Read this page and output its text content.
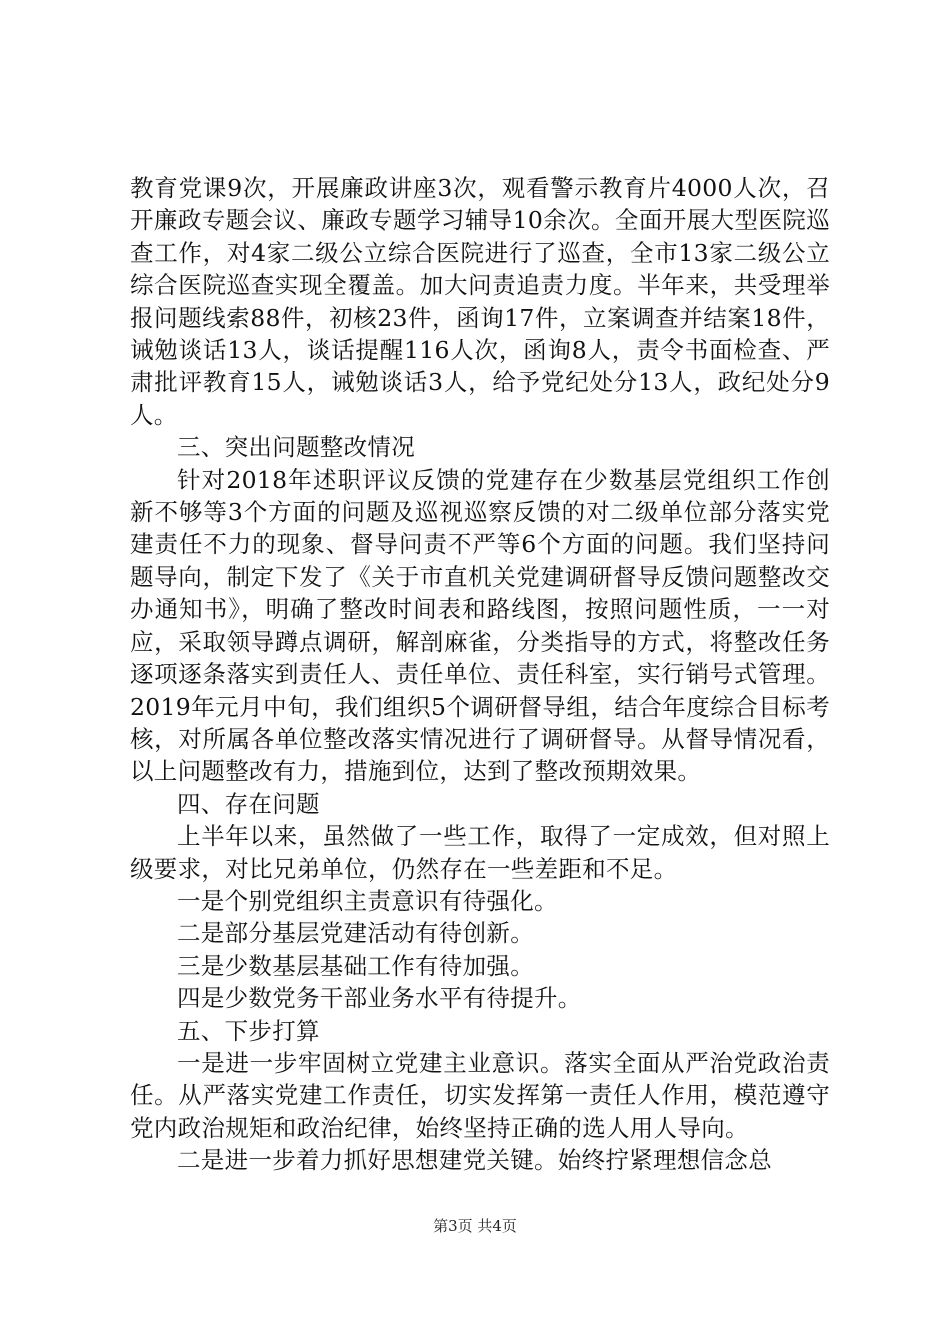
教育党课9次，开展廉政讲座3次，观看警示教育片4000人次，召开廉政专题会议、廉政专题学习辅导10余次。全面开展大型医院巡查工作，对4家二级公立综合医院进行了巡查，全市13家二级公立综合医院巡查实现全覆盖。加大问责追责力度。半年来，共受理举报问题线索88件，初核23件，函询17件，立案调查并结案18件，诫勉谈话13人，谈话提醒116人次，函询8人，责令书面检查、严肃批评教育15人，诫勉谈话3人，给予党纪处分13人，政纪处分9人。

三、突出问题整改情况

针对2018年述职评议反馈的党建存在少数基层党组织工作创新不够等3个方面的问题及巡视巡察反馈的对二级单位部分落实党建责任不力的现象、督导问责不严等6个方面的问题。我们坚持问题导向，制定下发了《关于市直机关党建调研督导反馈问题整改交办通知书》，明确了整改时间表和路线图，按照问题性质，一一对应，采取领导蹲点调研，解剖麻雀，分类指导的方式，将整改任务逐项逐条落实到责任人、责任单位、责任科室，实行销号式管理。2019年元月中旬，我们组织5个调研督导组，结合年度综合目标考核，对所属各单位整改落实情况进行了调研督导。从督导情况看，以上问题整改有力，措施到位，达到了整改预期效果。

四、存在问题

上半年以来，虽然做了一些工作，取得了一定成效，但对照上级要求，对比兄弟单位，仍然存在一些差距和不足。

一是个别党组织主责意识有待强化。

二是部分基层党建活动有待创新。

三是少数基层基础工作有待加强。

四是少数党务干部业务水平有待提升。

五、下步打算

一是进一步牢固树立党建主业意识。落实全面从严治党政治责任。从严落实党建工作责任，切实发挥第一责任人作用，模范遵守党内政治规矩和政治纪律，始终坚持正确的选人用人导向。

二是进一步着力抓好思想建党关键。始终拧紧理想信念总

第3页 共4页
